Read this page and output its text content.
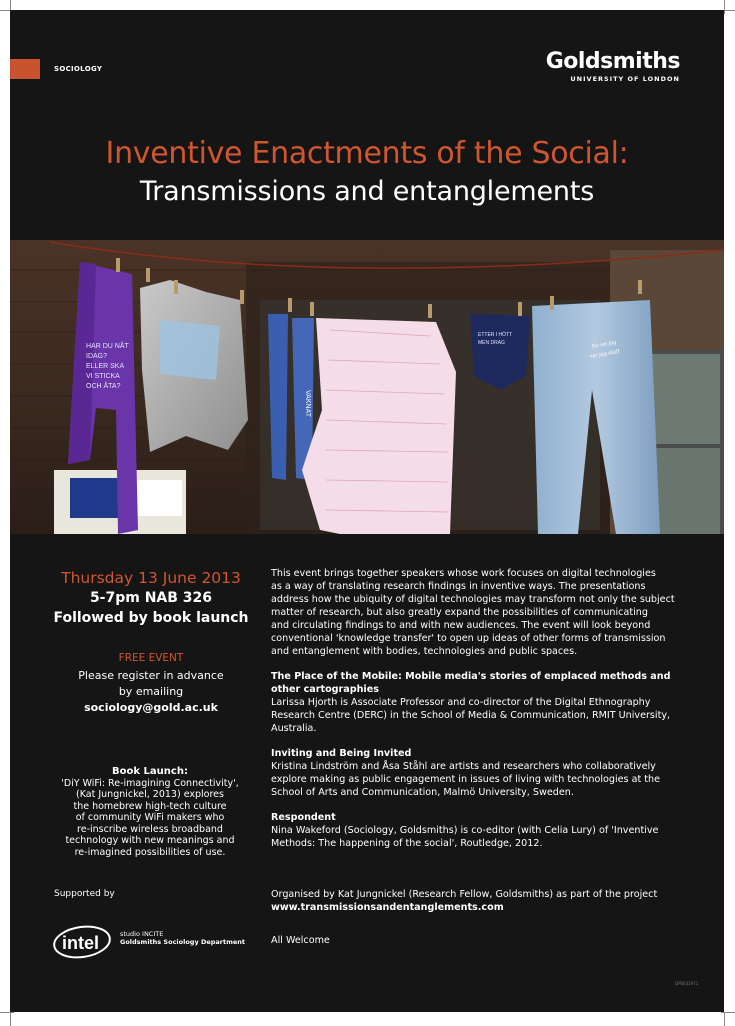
SOCIOLOGY	Goldsmiths
UNIVERSITY OF LONDON
Inventive Enactments of the Social:
Transmissions and entanglements
HAR DU NÅT
IDAG?
ELLER SKA
VI STICKA
OCH ÅTA?
VAKNAT
ETTER I HÖTT
MEN DRAG	Nu vet jag
var jag skall
Thursday 13 June 2013
5-7pm NAB 326
Followed by book launch
FREE EVENT
Please register in advance
by emailing
sociology@gold.ac.uk
Book Launch:
'DiY WiFi: Re-imagining Connectivity',
(Kat Jungnickel, 2013) explores
the homebrew high-tech culture
of community WiFi makers who
re-inscribe wireless broadband
technology with new meanings and
re-imagined possibilities of use.
This event brings together speakers whose work focuses on digital technologies
as a way of translating research findings in inventive ways. The presentations
address how the ubiquity of digital technologies may transform not only the subject
matter of research, but also greatly expand the possibilities of communicating
and circulating findings to and with new audiences. The event will look beyond
conventional 'knowledge transfer' to open up ideas of other forms of transmission
and entanglement with bodies, technologies and public spaces.
The Place of the Mobile: Mobile media's stories of emplaced methods and
other cartographies
Larissa Hjorth is Associate Professor and co-director of the Digital Ethnography
Research Centre (DERC) in the School of Media & Communication, RMIT University,
Australia.
Inviting and Being Invited
Kristina Lindström and Åsa Ståhl are artists and researchers who collaboratively
explore making as public engagement in issues of living with technologies at the
School of Arts and Communication, Malmö University, Sweden.
Respondent
Nina Wakeford (Sociology, Goldsmiths) is co-editor (with Celia Lury) of 'Inventive
Methods: The happening of the social', Routledge, 2012.
Supported by
intel	studio INCITE
Goldsmiths Sociology Department
Organised by Kat Jungnickel (Research Fellow, Goldsmiths) as part of the project
www.transmissionsandentanglements.com
All Welcome
DPS031971
